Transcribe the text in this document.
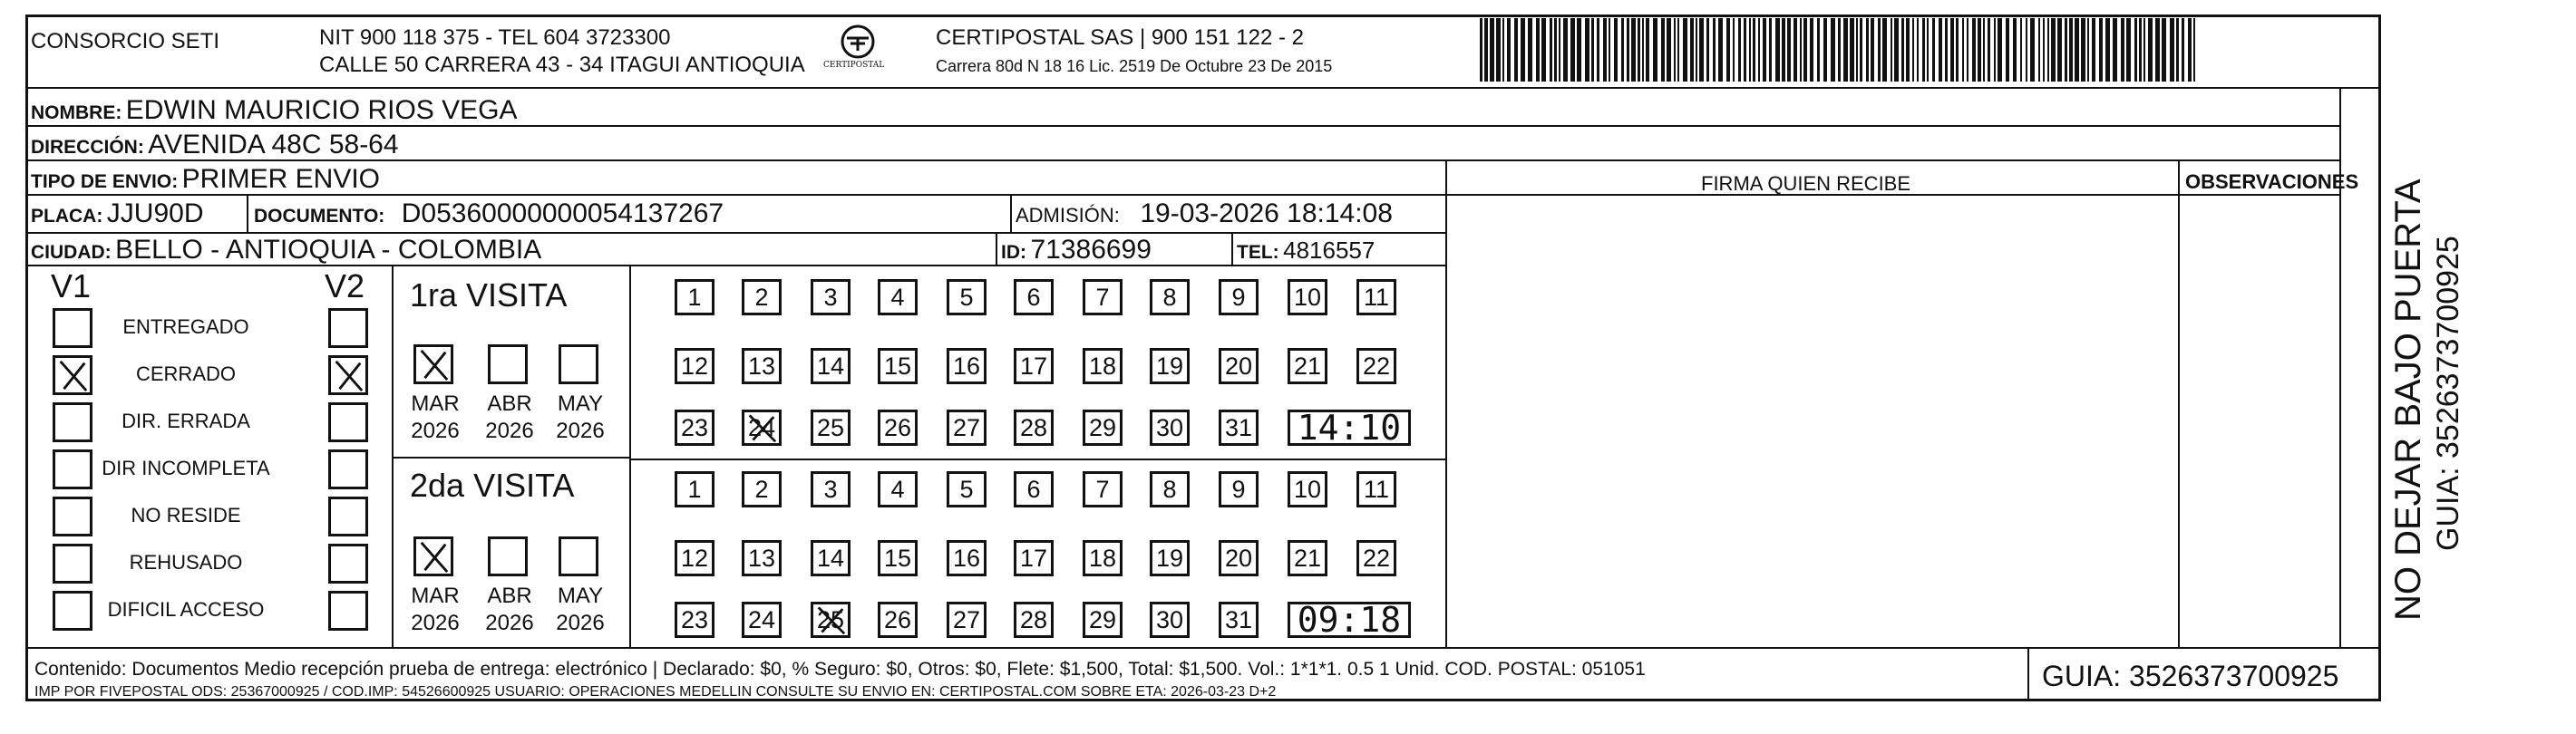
CONSORCIO SETI	NIT 900 118 375 - TEL 604 3723300
CALLE 50 CARRERA 43 - 34 ITAGUI ANTIOQUIA CERTIPOSTAL
CERTIPOSTAL SAS | 900 151 122 - 2
Carrera 80d N 18 16 Lic. 2519 De Octubre 23 De 2015
NOMBRE: EDWIN MAURICIO RIOS VEGA
DIRECCIÓN: AVENIDA 48C 58-64
TIPO DE ENVIO: PRIMER ENVIO
PLACA: JJU90D	DOCUMENTO: D05360000000054137267	ADMISIÓN: 19-03-2026 18:14:08
CIUDAD: BELLO - ANTIOQUIA - COLOMBIA	ID: 71386699	TEL: 4816557
FIRMA QUIEN RECIBE	OBSERVACIONES
V1	V2
ENTREGADO
CERRADO
DIR. ERRADA
DIR INCOMPLETA
NO RESIDE
REHUSADO
DIFICIL ACCESO
1ra VISITA
MAR
2026
ABR
2026
MAY
2026
1	2	3	4	5	6	7	8	9	10 11
12 13 14 15 16 17 18 19 20 21 22
23 24 25 26 27 28 29 30 31 14:10
2da VISITA
MAR
2026
ABR
2026
MAY
2026
1	2	3	4	5	6	7	8	9	10 11
12 13 14 15 16 17 18 19 20 21 22
23 24 25 26 27 28 29 30 31 09:18
Contenido: Documentos Medio recepción prueba de entrega: electrónico | Declarado: $0, % Seguro: $0, Otros: $0, Flete: $1,500, Total: $1,500. Vol.: 1*1*1. 0.5 1 Unid. COD. POSTAL: 051051
IMP POR FIVEPOSTAL ODS: 25367000925 / COD.IMP: 54526600925 USUARIO: OPERACIONES MEDELLIN CONSULTE SU ENVIO EN: CERTIPOSTAL.COM SOBRE ETA: 2026-03-23 D+2	GUIA: 3526373700925
NO DEJAR BAJO PUERTA GUIA: 3526373700925
